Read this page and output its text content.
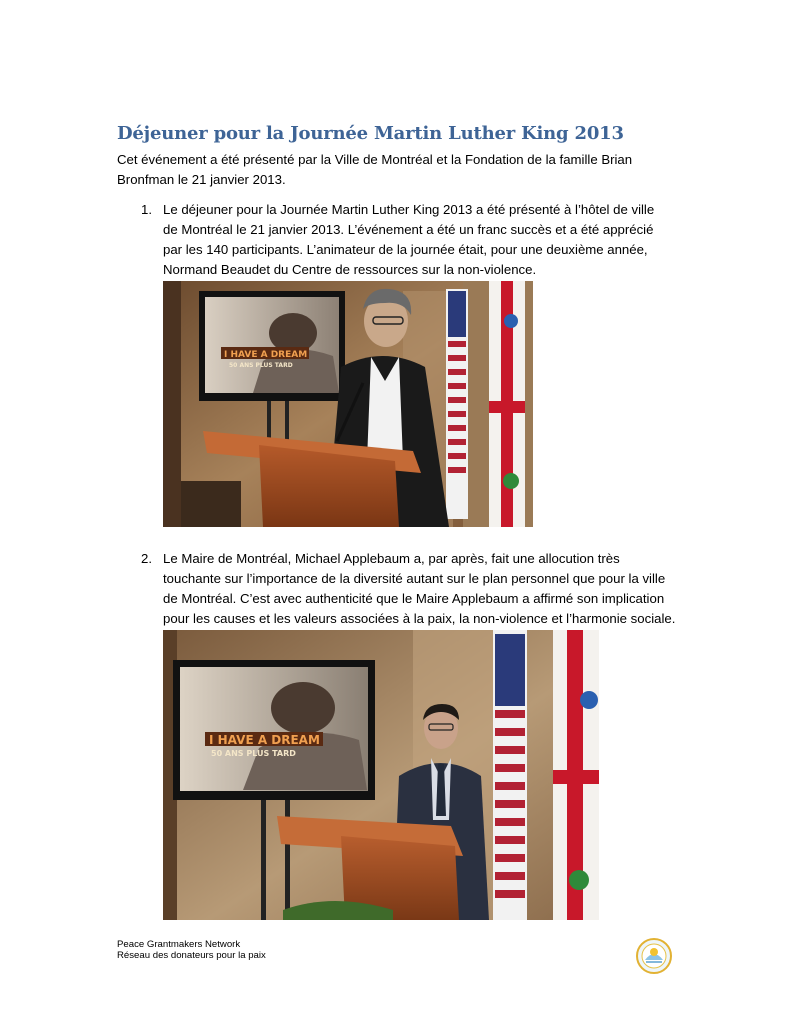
Déjeuner pour la Journée Martin Luther King 2013
Cet événement a été présenté par la Ville de Montréal et la Fondation de la famille Brian Bronfman le 21 janvier 2013.
1. Le déjeuner pour la Journée Martin Luther King 2013 a été présenté à l’hôtel de ville de Montréal le 21 janvier 2013. L’événement a été un franc succès et a été apprécié par les 140 participants. L’animateur de la journée était, pour une deuxième année, Normand Beaudet du Centre de ressources sur la non-violence.
I HAVE A DREAM
50 ANS PLUS TARD
2. Le Maire de Montréal, Michael Applebaum a, par après, fait une allocution très touchante sur l’importance de la diversité autant sur le plan personnel que pour la ville de Montréal. C’est avec authenticité que le Maire Applebaum a affirmé son implication pour les causes et les valeurs associées à la paix, la non-violence et l’harmonie sociale.
I HAVE A DREAM
50 ANS PLUS TARD
Peace Grantmakers Network
Réseau des donateurs pour la paix
